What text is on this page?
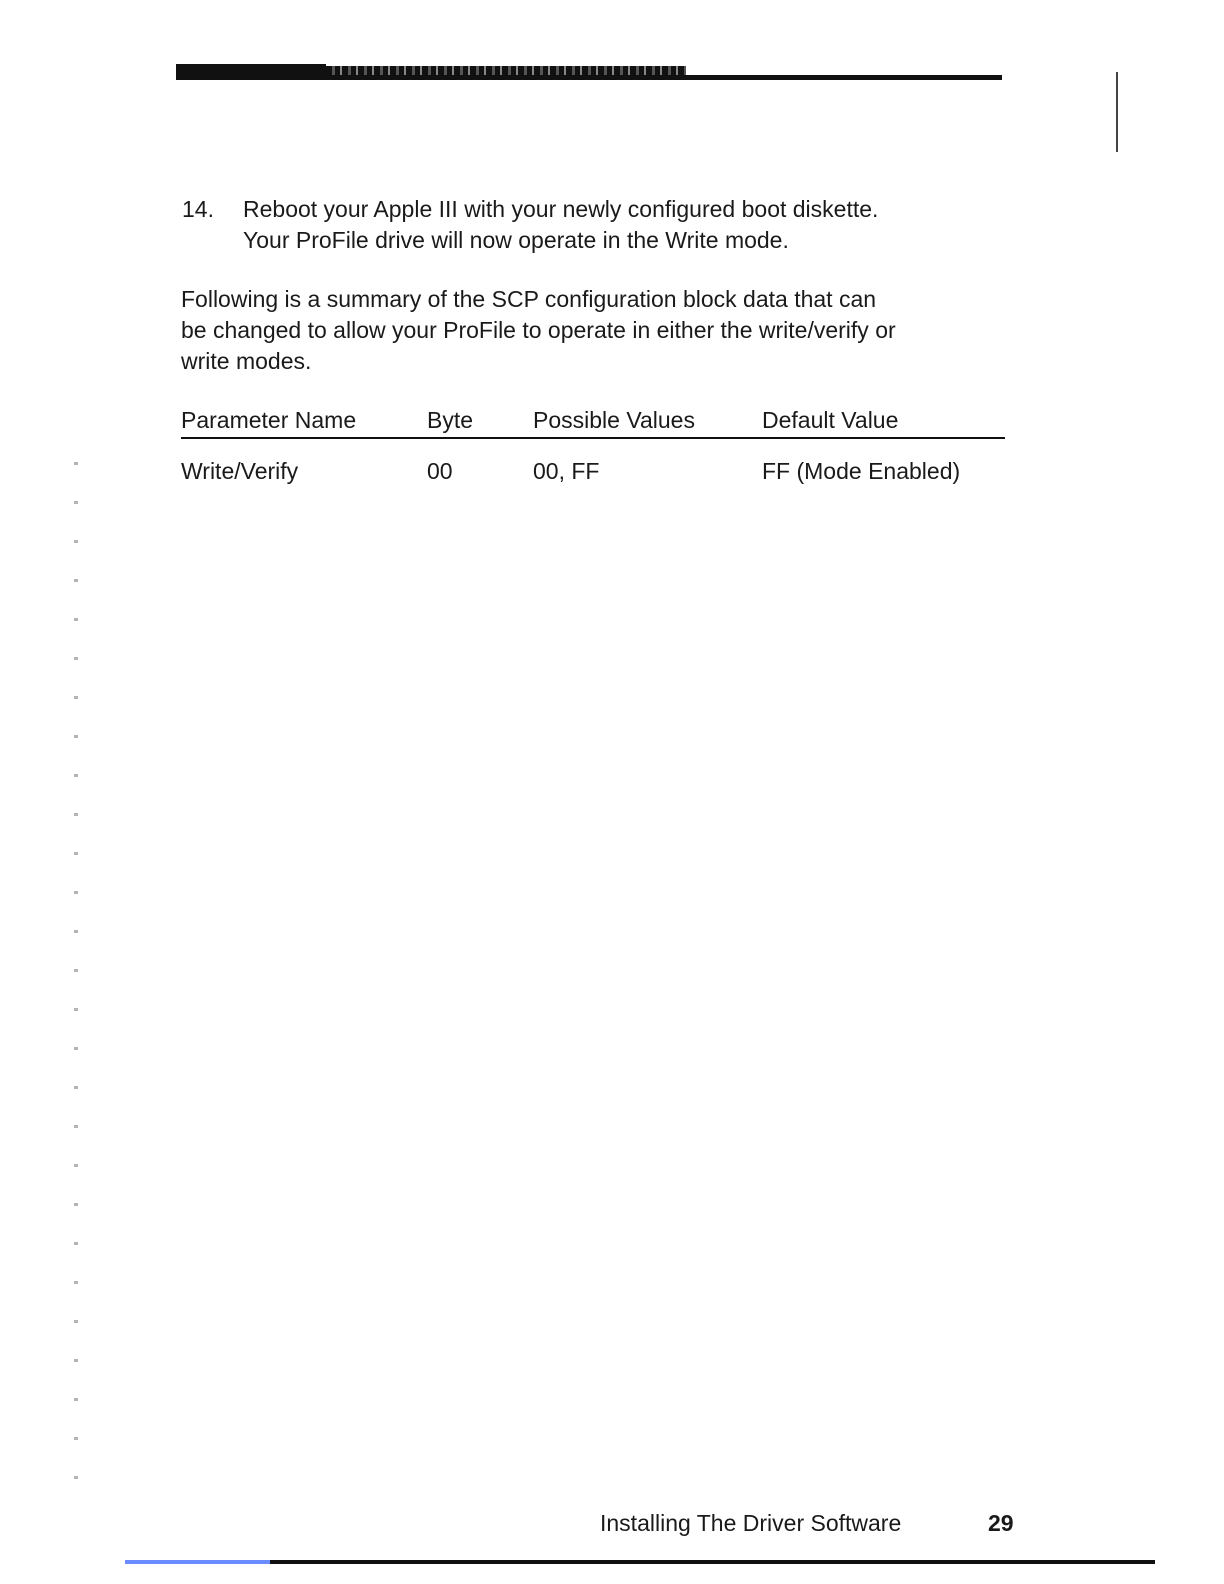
14. Reboot your Apple III with your newly configured boot diskette.
Your ProFile drive will now operate in the Write mode.
Following is a summary of the SCP configuration block data that can
be changed to allow your ProFile to operate in either the write/verify or
write modes.
Parameter Name	Byte	Possible Values	Default Value
Write/Verify	00	00, FF	FF (Mode Enabled)
Installing The Driver Software	29
